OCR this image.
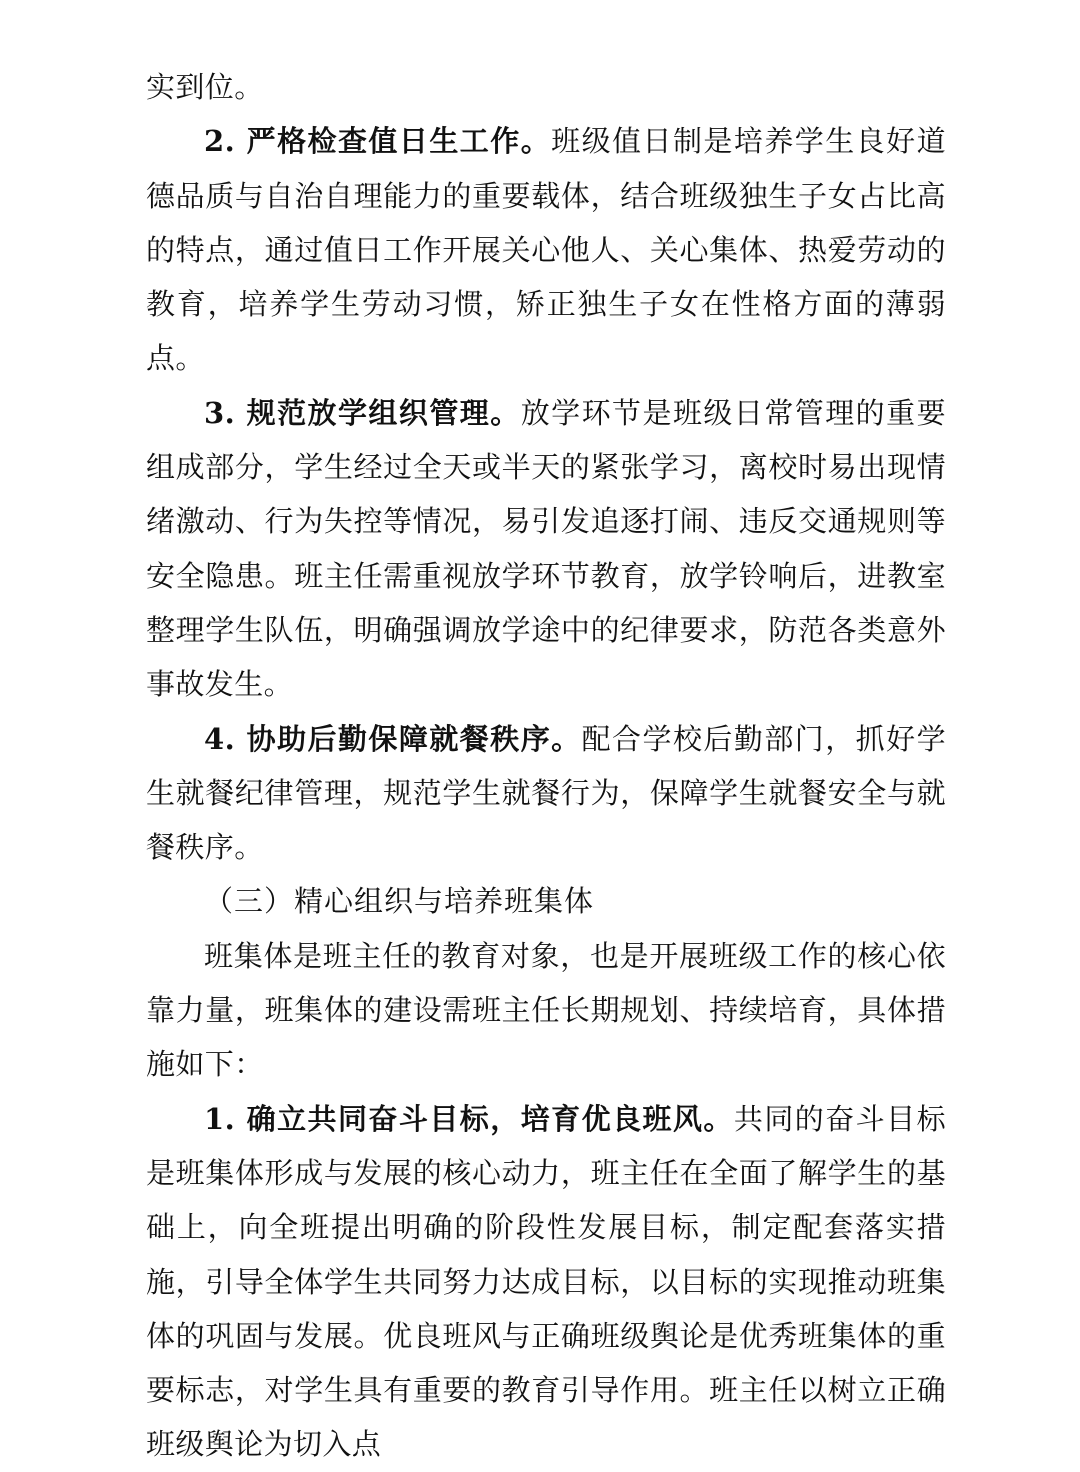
实到位。

2. 严格检查值日生工作。班级值日制是培养学生良好道德品质与自治自理能力的重要载体，结合班级独生子女占比高的特点，通过值日工作开展关心他人、关心集体、热爱劳动的教育，培养学生劳动习惯，矫正独生子女在性格方面的薄弱点。

3. 规范放学组织管理。放学环节是班级日常管理的重要组成部分，学生经过全天或半天的紧张学习，离校时易出现情绪激动、行为失控等情况，易引发追逐打闹、违反交通规则等安全隐患。班主任需重视放学环节教育，放学铃响后，进教室整理学生队伍，明确强调放学途中的纪律要求，防范各类意外事故发生。

4. 协助后勤保障就餐秩序。配合学校后勤部门，抓好学生就餐纪律管理，规范学生就餐行为，保障学生就餐安全与就餐秩序。

（三）精心组织与培养班集体

班集体是班主任的教育对象，也是开展班级工作的核心依靠力量，班集体的建设需班主任长期规划、持续培育，具体措施如下：

1. 确立共同奋斗目标，培育优良班风。共同的奋斗目标是班集体形成与发展的核心动力，班主任在全面了解学生的基础上，向全班提出明确的阶段性发展目标，制定配套落实措施，引导全体学生共同努力达成目标，以目标的实现推动班集体的巩固与发展。优良班风与正确班级舆论是优秀班集体的重要标志，对学生具有重要的教育引导作用。班主任以树立正确班级舆论为切入点
